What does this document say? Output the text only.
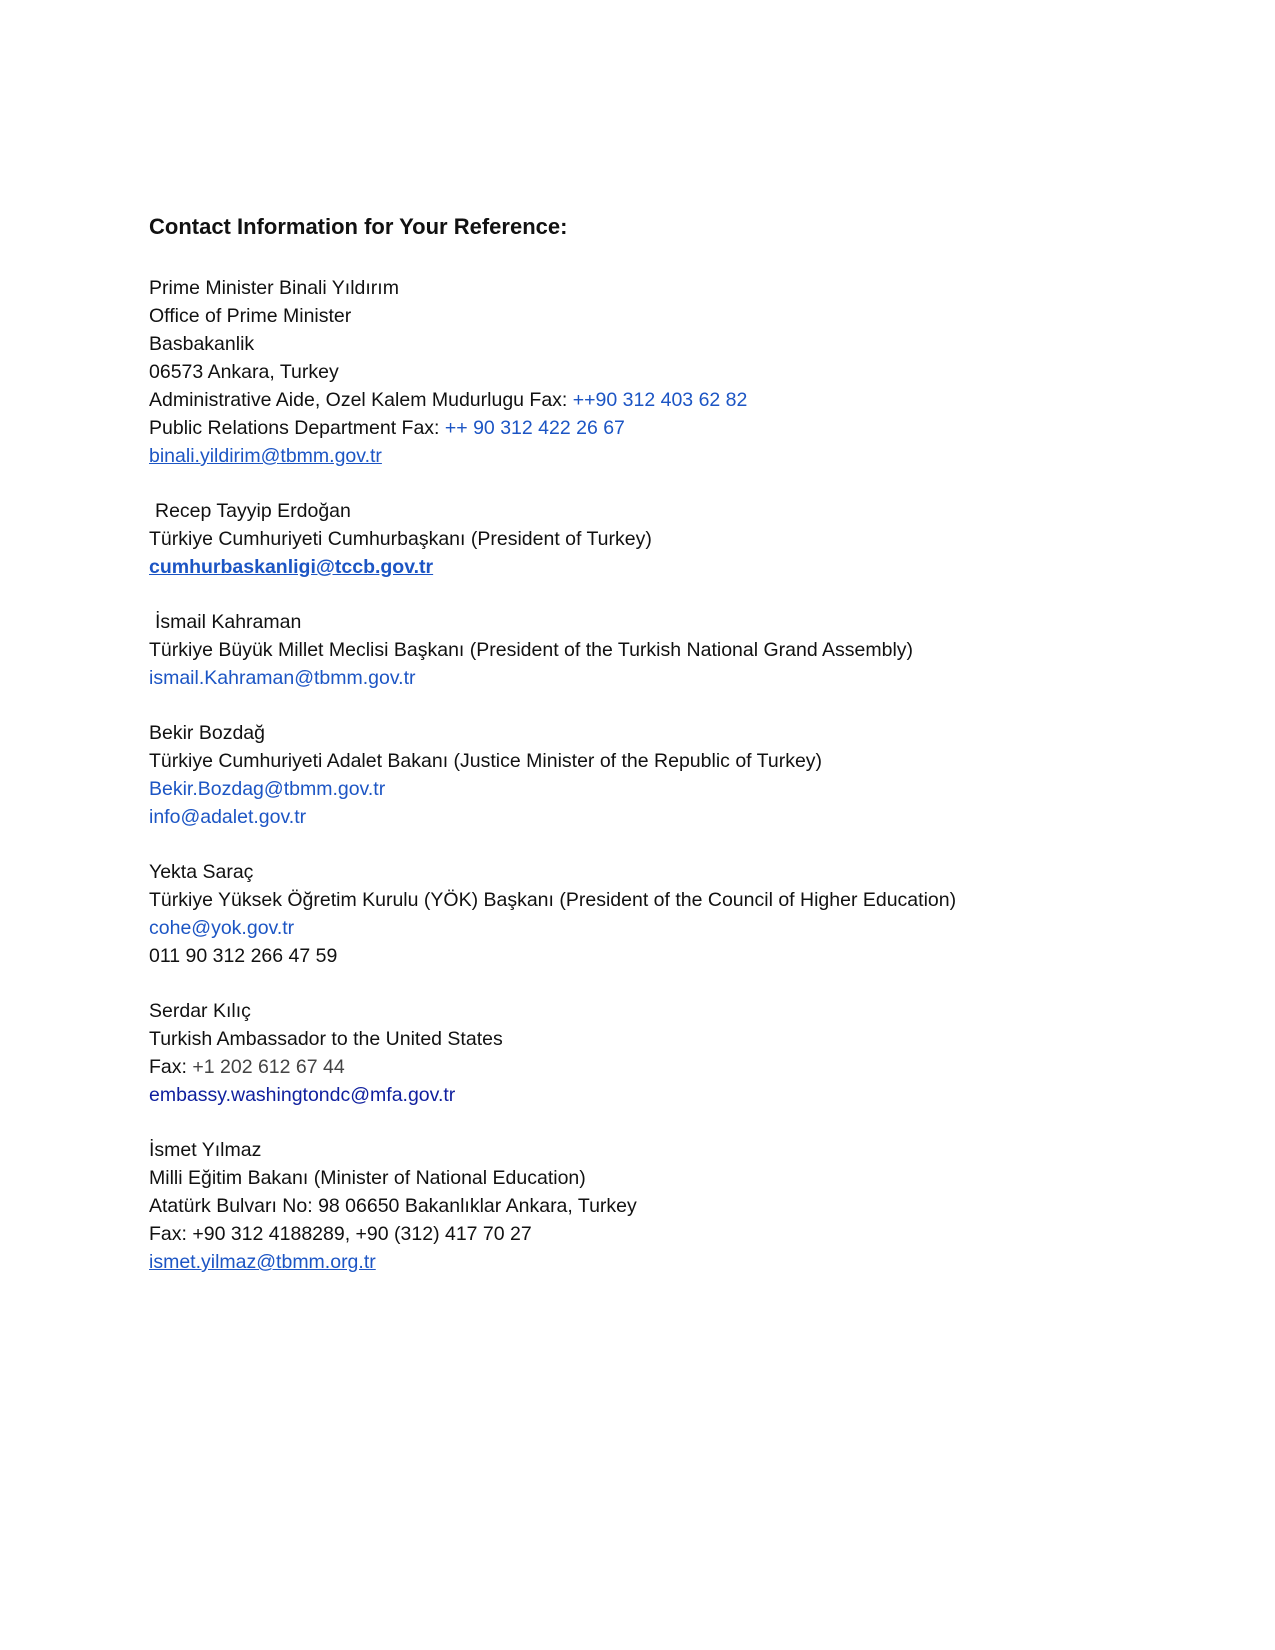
Contact Information for Your Reference:
Prime Minister Binali Yıldırım
Office of Prime Minister
Basbakanlik
06573 Ankara, Turkey
Administrative Aide, Ozel Kalem Mudurlugu Fax: ++90 312 403 62 82
Public Relations Department Fax: ++ 90 312 422 26 67
binali.yildirim@tbmm.gov.tr
Recep Tayyip Erdoğan
Türkiye Cumhuriyeti Cumhurbaşkanı (President of Turkey)
cumhurbaskanligi@tccb.gov.tr
İsmail Kahraman
Türkiye Büyük Millet Meclisi Başkanı (President of the Turkish National Grand Assembly)
ismail.Kahraman@tbmm.gov.tr
Bekir Bozdağ
Türkiye Cumhuriyeti Adalet Bakanı (Justice Minister of the Republic of Turkey)
Bekir.Bozdag@tbmm.gov.tr
info@adalet.gov.tr
Yekta Saraç
Türkiye Yüksek Öğretim Kurulu (YÖK) Başkanı (President of the Council of Higher Education)
cohe@yok.gov.tr
011 90 312 266 47 59
Serdar Kılıç
Turkish Ambassador to the United States
Fax: +1 202 612 67 44
embassy.washingtondc@mfa.gov.tr
İsmet Yılmaz
Milli Eğitim Bakanı (Minister of National Education)
Atatürk Bulvarı No: 98 06650 Bakanlıklar Ankara, Turkey
Fax: +90 312 4188289, +90 (312) 417 70 27
ismet.yilmaz@tbmm.org.tr
